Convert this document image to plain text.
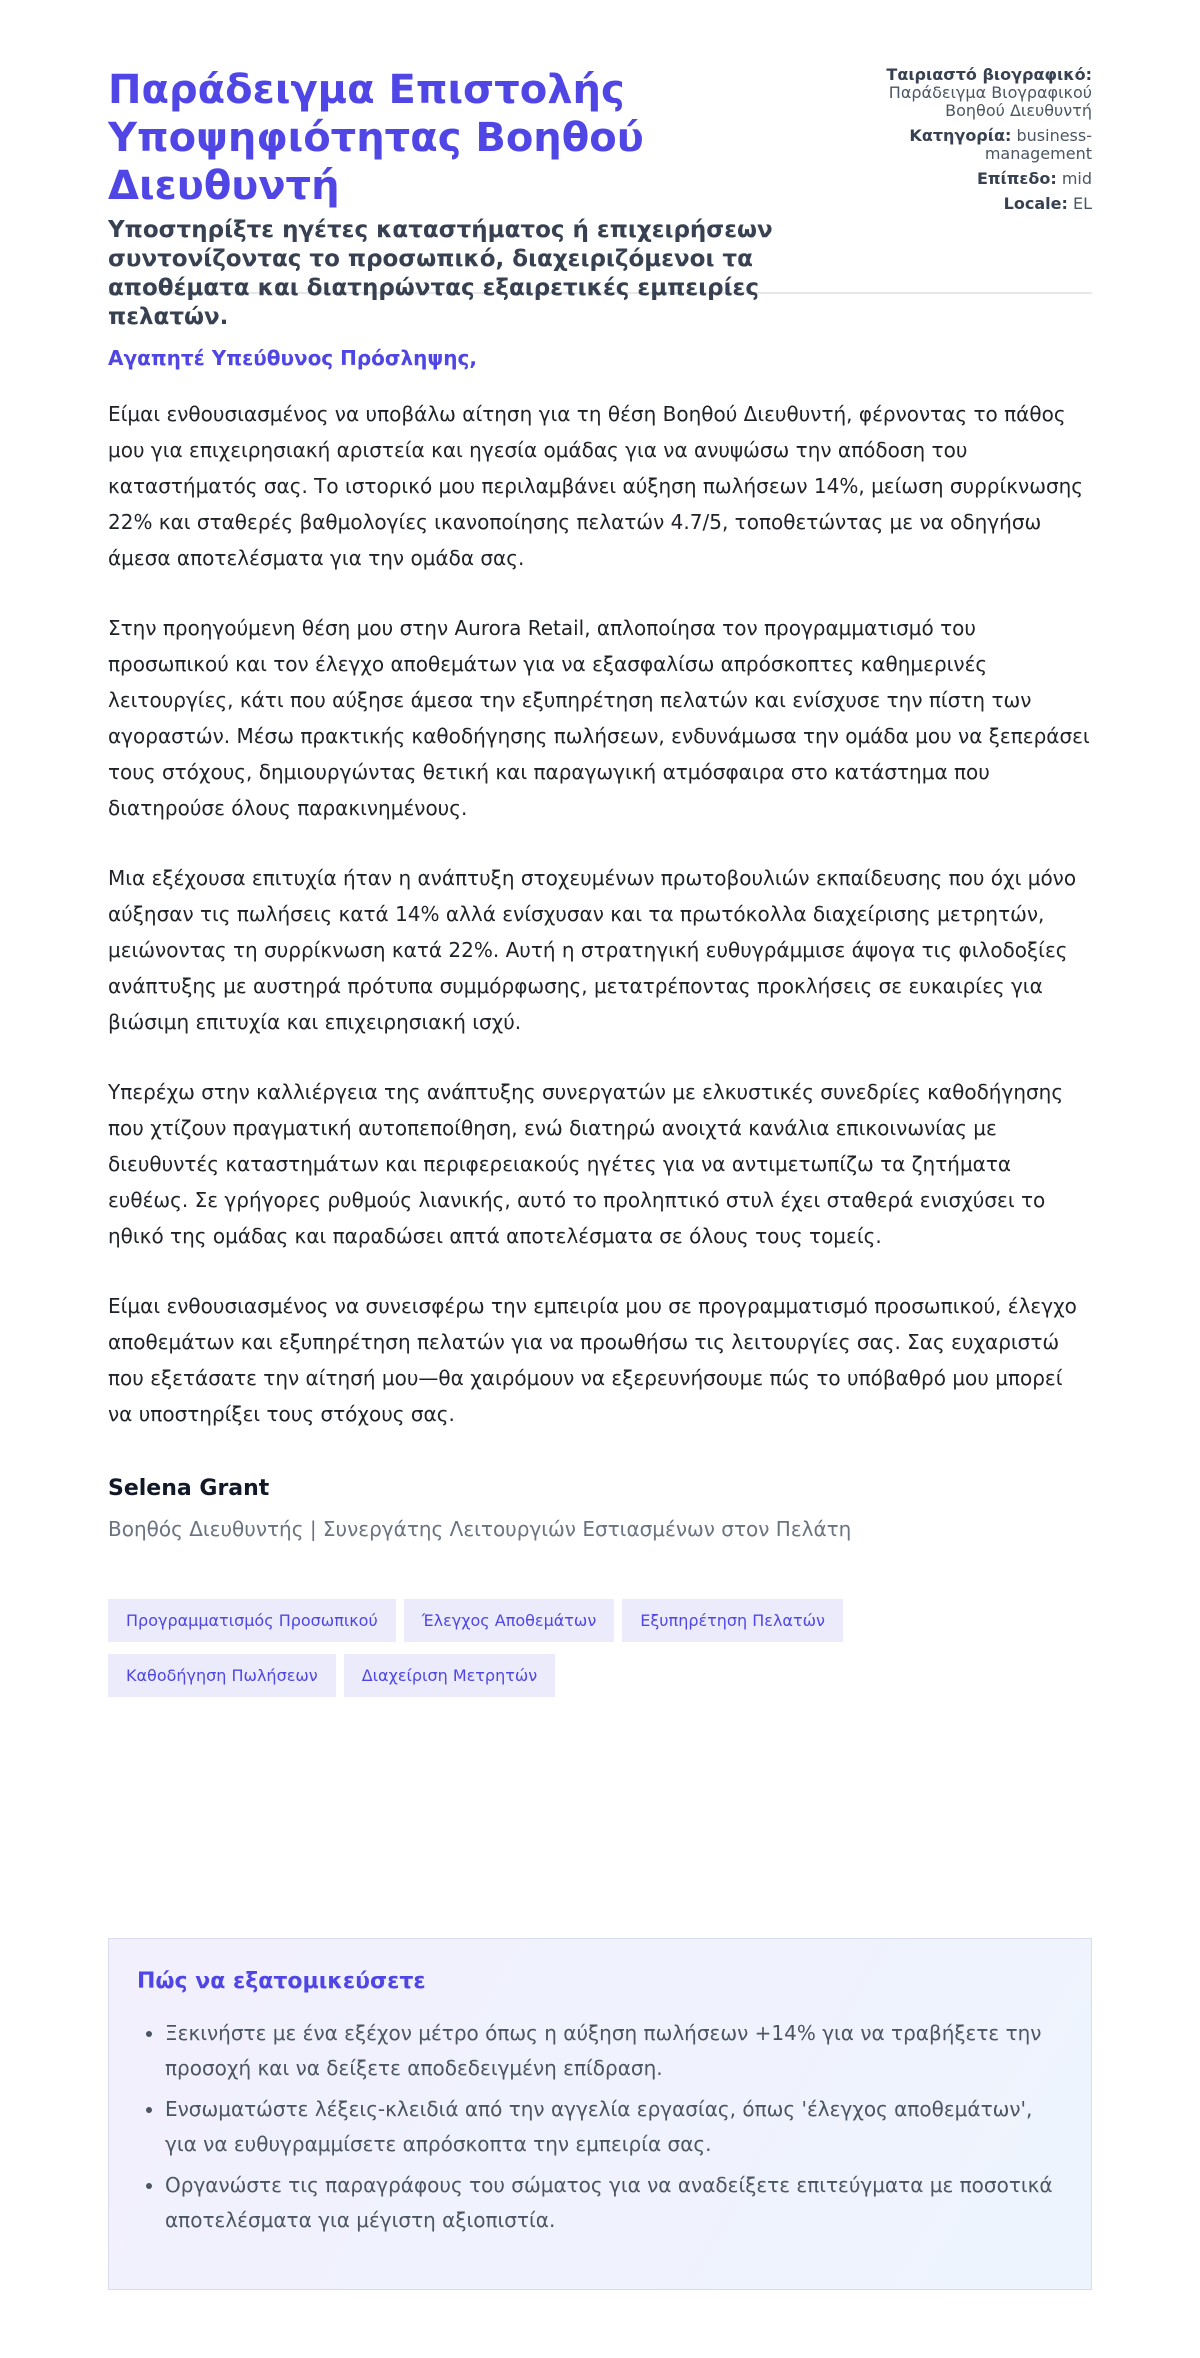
Παράδειγμα Επιστολής Υποψηφιότητας Βοηθού Διευθυντή
Υποστηρίξτε ηγέτες καταστήματος ή επιχειρήσεων συντονίζοντας το προσωπικό, διαχειριζόμενοι τα αποθέματα και διατηρώντας εξαιρετικές εμπειρίες πελατών.
Ταιριαστό βιογραφικό: Παράδειγμα Βιογραφικού Βοηθού Διευθυντή
Κατηγορία: business-management
Επίπεδο: mid
Locale: EL
Αγαπητέ Υπεύθυνος Πρόσληψης,

Είμαι ενθουσιασμένος να υποβάλω αίτηση για τη θέση Βοηθού Διευθυντή, φέρνοντας το πάθος μου για επιχειρησιακή αριστεία και ηγεσία ομάδας για να ανυψώσω την απόδοση του καταστήματός σας. Το ιστορικό μου περιλαμβάνει αύξηση πωλήσεων 14%, μείωση συρρίκνωσης 22% και σταθερές βαθμολογίες ικανοποίησης πελατών 4.7/5, τοποθετώντας με να οδηγήσω άμεσα αποτελέσματα για την ομάδα σας.

Στην προηγούμενη θέση μου στην Aurora Retail, απλοποίησα τον προγραμματισμό του προσωπικού και τον έλεγχο αποθεμάτων για να εξασφαλίσω απρόσκοπτες καθημερινές λειτουργίες, κάτι που αύξησε άμεσα την εξυπηρέτηση πελατών και ενίσχυσε την πίστη των αγοραστών. Μέσω πρακτικής καθοδήγησης πωλήσεων, ενδυνάμωσα την ομάδα μου να ξεπεράσει τους στόχους, δημιουργώντας θετική και παραγωγική ατμόσφαιρα στο κατάστημα που διατηρούσε όλους παρακινημένους.

Μια εξέχουσα επιτυχία ήταν η ανάπτυξη στοχευμένων πρωτοβουλιών εκπαίδευσης που όχι μόνο αύξησαν τις πωλήσεις κατά 14% αλλά ενίσχυσαν και τα πρωτόκολλα διαχείρισης μετρητών, μειώνοντας τη συρρίκνωση κατά 22%. Αυτή η στρατηγική ευθυγράμμισε άψογα τις φιλοδοξίες ανάπτυξης με αυστηρά πρότυπα συμμόρφωσης, μετατρέποντας προκλήσεις σε ευκαιρίες για βιώσιμη επιτυχία και επιχειρησιακή ισχύ.

Υπερέχω στην καλλιέργεια της ανάπτυξης συνεργατών με ελκυστικές συνεδρίες καθοδήγησης που χτίζουν πραγματική αυτοπεποίθηση, ενώ διατηρώ ανοιχτά κανάλια επικοινωνίας με διευθυντές καταστημάτων και περιφερειακούς ηγέτες για να αντιμετωπίζω τα ζητήματα ευθέως. Σε γρήγορες ρυθμούς λιανικής, αυτό το προληπτικό στυλ έχει σταθερά ενισχύσει το ηθικό της ομάδας και παραδώσει απτά αποτελέσματα σε όλους τους τομείς.

Είμαι ενθουσιασμένος να συνεισφέρω την εμπειρία μου σε προγραμματισμό προσωπικού, έλεγχο αποθεμάτων και εξυπηρέτηση πελατών για να προωθήσω τις λειτουργίες σας. Σας ευχαριστώ που εξετάσατε την αίτησή μου—θα χαιρόμουν να εξερευνήσουμε πώς το υπόβαθρό μου μπορεί να υποστηρίξει τους στόχους σας.

Selena Grant
Βοηθός Διευθυντής | Συνεργάτης Λειτουργιών Εστιασμένων στον Πελάτη
Προγραμματισμός Προσωπικού	Έλεγχος Αποθεμάτων	Εξυπηρέτηση Πελατών
Καθοδήγηση Πωλήσεων	Διαχείριση Μετρητών
Πώς να εξατομικεύσετε
• Ξεκινήστε με ένα εξέχον μέτρο όπως η αύξηση πωλήσεων +14% για να τραβήξετε την προσοχή και να δείξετε αποδεδειγμένη επίδραση.
• Ενσωματώστε λέξεις-κλειδιά από την αγγελία εργασίας, όπως 'έλεγχος αποθεμάτων', για να ευθυγραμμίσετε απρόσκοπτα την εμπειρία σας.
• Οργανώστε τις παραγράφους του σώματος για να αναδείξετε επιτεύγματα με ποσοτικά αποτελέσματα για μέγιστη αξιοπιστία.
